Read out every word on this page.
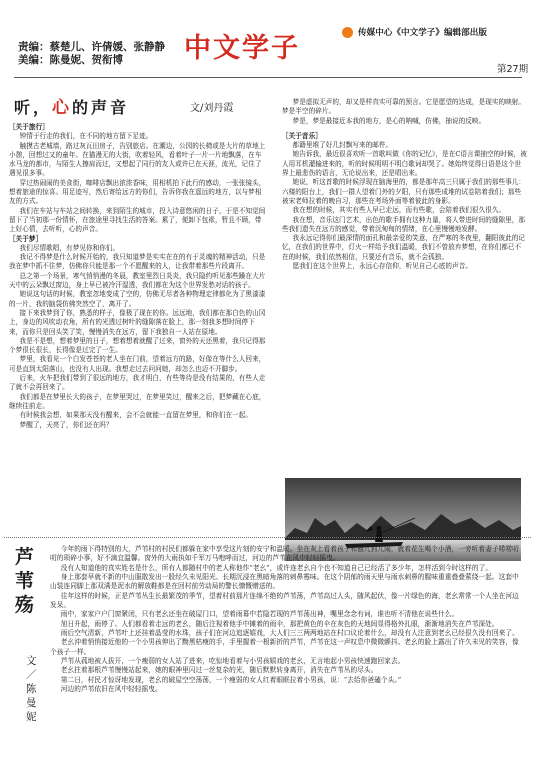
责编：蔡楚儿、许倩媛、张静静
美编：陈曼妮、贺衔博	中文学子	传媒中心《中文学子》编辑部出版
第27期
听，心的声音	文/刘丹霞
［关于旅行］

钟情于行走的我们，在不同的地方留下足迹。

触摸古老城墙，路过灰瓦田房子，告别旅店。在潮边，公园的长椅或是大片的草地上小憩，回想过又的童年。在猫漫无的大街，吹着轻风，看着叶子一片一片地飘落，在车水马龙的都市，与陌生人擦肩而过，又想起了同行的友人或许已在天涯，流光，记住了遇见很多事。

穿过热闹闹的美食街，咖啡店飘出浓浓香味，用相机拍下此行的感动，一张张镜头，想着旅途的惊喜。用足迹写，然后寄给远方的你们，告诉你我在遥远的地方，以与梦相友的方式。

我们在车站与车站之间转换，来到陌生的城市，投入诗意悠闲的日子，于是不知觉间留下了当初那一份情怀，在旅途里寻找生活的答案。累了，便卸下包袱，暂且不顾，带上好心情，去听听，心的声音。

［关于梦］

我们尽情歌唱，有梦见你和你们。

我记不得梦是什么时候开始的，我只知道梦是实实在在的有于灵魂的精神活动，只是我在梦中抓不住梦，仿佛你只能是那一个不愿醒来的人，让我带着那些片段离开。

总之第一个场景，寒气悄悄漫的冬晨，教室里烈日炎炎，我只隐约听见那些躁在大片天中的云朵飘过窗边，身上早已被冷汗湿透，我们都在为这个世界发愁对话的孩子。

她说这句话的时候，教室忽地变成了空的，仿佛无尽者各种物理定律都化为了黑漆漆的一片，我的脑袋仿佛突然空了，离开了。

接下来我梦到了你，熟悉的样子，像极了现在的你。远远地，我们都在那白色的山冈上，身边的风吹动衣角，所有的光透过树叶的缝隙落在脸上，那一刻我多想时间停下来，而你只是回头笑了笑，慢慢消失在远方，留下我独自一人站在原地。

我是不是想，想着梦里的日子，想着想着就醒了过来，窗外的天还黑着，我只记得那个梦很长很长，长得像是过完了一生。

梦里，我看见一个白发苍苍的老人坐在门前，望着远方的路，好像在等什么人回来，可是直到太阳落山，也没有人出现。我想走过去问问她，却怎么也迈不开脚步。

后来，火车把我们带到了很远的地方，我才明白，有些等待是没有结果的，有些人走了就不会再回来了。

我们都是在梦里长大的孩子，在梦里哭过，在梦里笑过，醒来之后，把梦藏在心底，继续往前走。

有时候我会想，如果那天没有醒来，会不会就能一直留在梦里，和你们在一起。

梦醒了，天亮了，你们还在吗？

梦是虚拟无声的，却又是样真实可靠的预言。它是愿望的达成，是现实的映射。梦是半空的碎片。

梦是，梦是最接近本我的地方，是心的呐喊，仿佛，抽说的反映。

［关于音乐］

都籍里堆了好几封飘写来的邮件。

她告诉我，最近很喜欢听一首歌叫做《你的记忆》，是在C语言课抽空的时候，被人用耳机灌输进来的，听的时候明明不明白歌词却哭了。她始终觉得日语是这个世界上最悲伤的语言，无论说出来，还是唱出来。

她说，听这首歌的时候浮现在脑海里的，都是那年高三只属于我们的那些事儿：六楼的阳台上，我们一群人望着门外的夕阳，只有那些成堆的试卷陪着我们；那些被宋老师拉着的晚自习，那些在考场外面等着彼此的身影。

我在想的时候，其实有些人早已走远，而有些歌，会陪着我们很久很久。

我在想，音乐这门艺术，出色的歌手拥有这种力量，将人带进时间的缝隙里，那些我们遗失在远方的感觉，带着沉甸甸的情绪，在心里慢慢地发酵。

我永远记得你们最深情的面孔和最亲爱的笑意，在严寒的冬夜里，翻阳彼此的记忆，在我们的世界中，灯火一样给予我们温暖，我们不曾放弃梦想，在你们都已不在的时候，我们依然相信，只要还有音乐，就不会孤独。

愿我们在这个世界上，永远心存信仰，听见自己心底的声音。

芦苇殇
文／陈曼妮

今年的雨下得特别的大，芦苇村的村民们都躲在家中享受这片刻的安宁和温暖。坐在灰上看着孩子和猫儿狗儿闹，就着花生喝个小酒，一旁听着妻子唠唠叨叨的琐碎小事，好不滴宜温馨。窗外的大雨执如千军万马咆哮而过，河边的芦苇在风中轻轻摇曳。

没有人知道他的真实姓名是什么，所有人都随村中的老人称他作“老幺”，或许连老幺自个也不知道自己已经活了多少年，怎样活到今时这样的了。

身上那套早就不新的中山服散发出一股经久未见阳光、长期沉浸在黑暗角落的刺鼻霉味。在这个阴郁的雨天里与雨水刺鼻的腥味重重叠叠萦绕一起。这套中山装连同脚上那双满是泥水的解放鞋都是在回村前劳动局的警长慷慨赠送的。

往年这样的时候，正是芦苇丛生长最繁茂的季节，望着村前那片连绵不绝的芦苇荡，芦苇高过人头，随风起伏，像一片绿色的海，老幺常常一个人坐在河边发呆。

雨中，家家户户门窗紧闭，只有老幺还坐在破屋门口，望着雨幕中若隐若现的芦苇荡出神，嘴里念念有词，谁也听不清他在说些什么。

旭日升起，雨停了。人们都看着走远的老幺，随后注视着他手中摊着的雨伞，那把黄色的伞在灰色的天地间显得格外扎眼，渐渐地消失在芦苇深处。

雨后空气清新，芦苇叶上还挂着晶莹的水珠，孩子们在河边追逐嬉戏，大人们三三两两地站在村口议论着什么，却没有人注意到老幺已经很久没有回来了。

老幺沖着悄悄接近他的一个小男孩伸出了黝黑枯瘦的手，手里握着一根新折的芦苇，芦苇在这一声叹息中微微颤抖。老幺的脸上露出了许久未见的笑容，像个孩子一样。

芦苇从菰地被人拔开，一个瘦弱的女人站了进来，吃惊地看着与小男孩嬉戏的老幺，无言地起小男孩快速跑回家去。

老幺拄着那根芦苇慢慢站起来，她的眼神里闪过一丝复杂的光，随后默默转身离开，消失在芦苇丛的尽头。

第二日，村民才惊讶地发现，老幺的破屋空空荡荡，一个瘦弱的女人红着眼眶拉着小男孩，说：“去给你爸磕个头。”

河边的芦苇依旧在风中轻轻摇曳。
